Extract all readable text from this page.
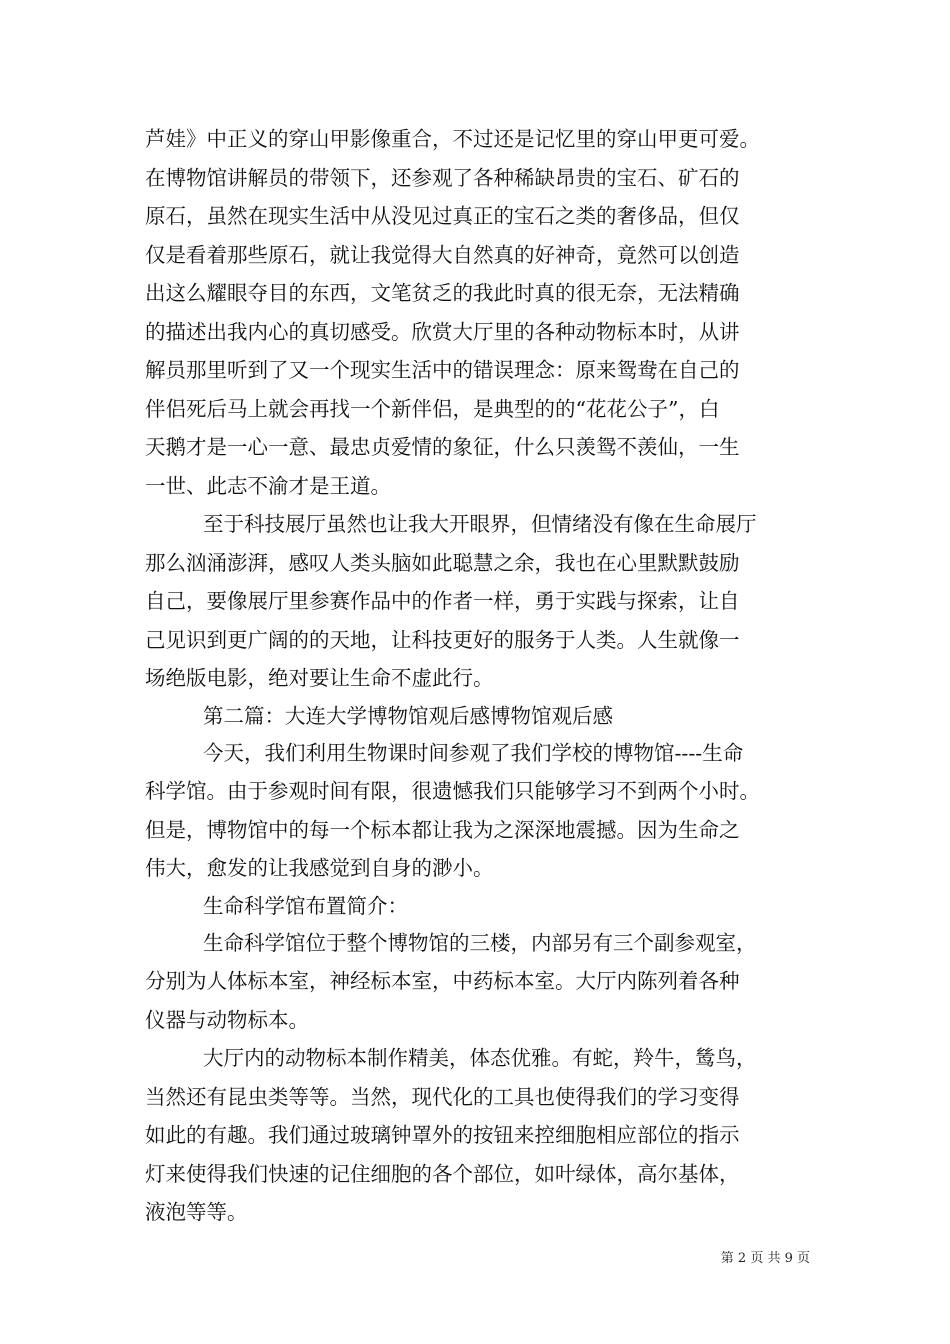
芦娃》中正义的穿山甲影像重合，不过还是记忆里的穿山甲更可爱。
在博物馆讲解员的带领下，还参观了各种稀缺昂贵的宝石、矿石的
原石，虽然在现实生活中从没见过真正的宝石之类的奢侈品，但仅
仅是看着那些原石，就让我觉得大自然真的好神奇，竟然可以创造
出这么耀眼夺目的东西，文笔贫乏的我此时真的很无奈，无法精确
的描述出我内心的真切感受。欣赏大厅里的各种动物标本时，从讲
解员那里听到了又一个现实生活中的错误理念：原来鸳鸯在自己的
伴侣死后马上就会再找一个新伴侣，是典型的的“花花公子”，白
天鹅才是一心一意、最忠贞爱情的象征，什么只羡鸳不羡仙，一生
一世、此志不渝才是王道。
至于科技展厅虽然也让我大开眼界，但情绪没有像在生命展厅
那么汹涌澎湃，感叹人类头脑如此聪慧之余，我也在心里默默鼓励
自己，要像展厅里参赛作品中的作者一样，勇于实践与探索，让自
己见识到更广阔的的天地，让科技更好的服务于人类。人生就像一
场绝版电影，绝对要让生命不虚此行。
第二篇：大连大学博物馆观后感博物馆观后感
今天，我们利用生物课时间参观了我们学校的博物馆----生命
科学馆。由于参观时间有限，很遗憾我们只能够学习不到两个小时。
但是，博物馆中的每一个标本都让我为之深深地震撼。因为生命之
伟大，愈发的让我感觉到自身的渺小。
生命科学馆布置简介：
生命科学馆位于整个博物馆的三楼，内部另有三个副参观室，
分别为人体标本室，神经标本室，中药标本室。大厅内陈列着各种
仪器与动物标本。
大厅内的动物标本制作精美，体态优雅。有蛇，羚牛，鸶鸟，
当然还有昆虫类等等。当然，现代化的工具也使得我们的学习变得
如此的有趣。我们通过玻璃钟罩外的按钮来控细胞相应部位的指示
灯来使得我们快速的记住细胞的各个部位，如叶绿体，高尔基体，
液泡等等。
第 2 页 共 9 页
